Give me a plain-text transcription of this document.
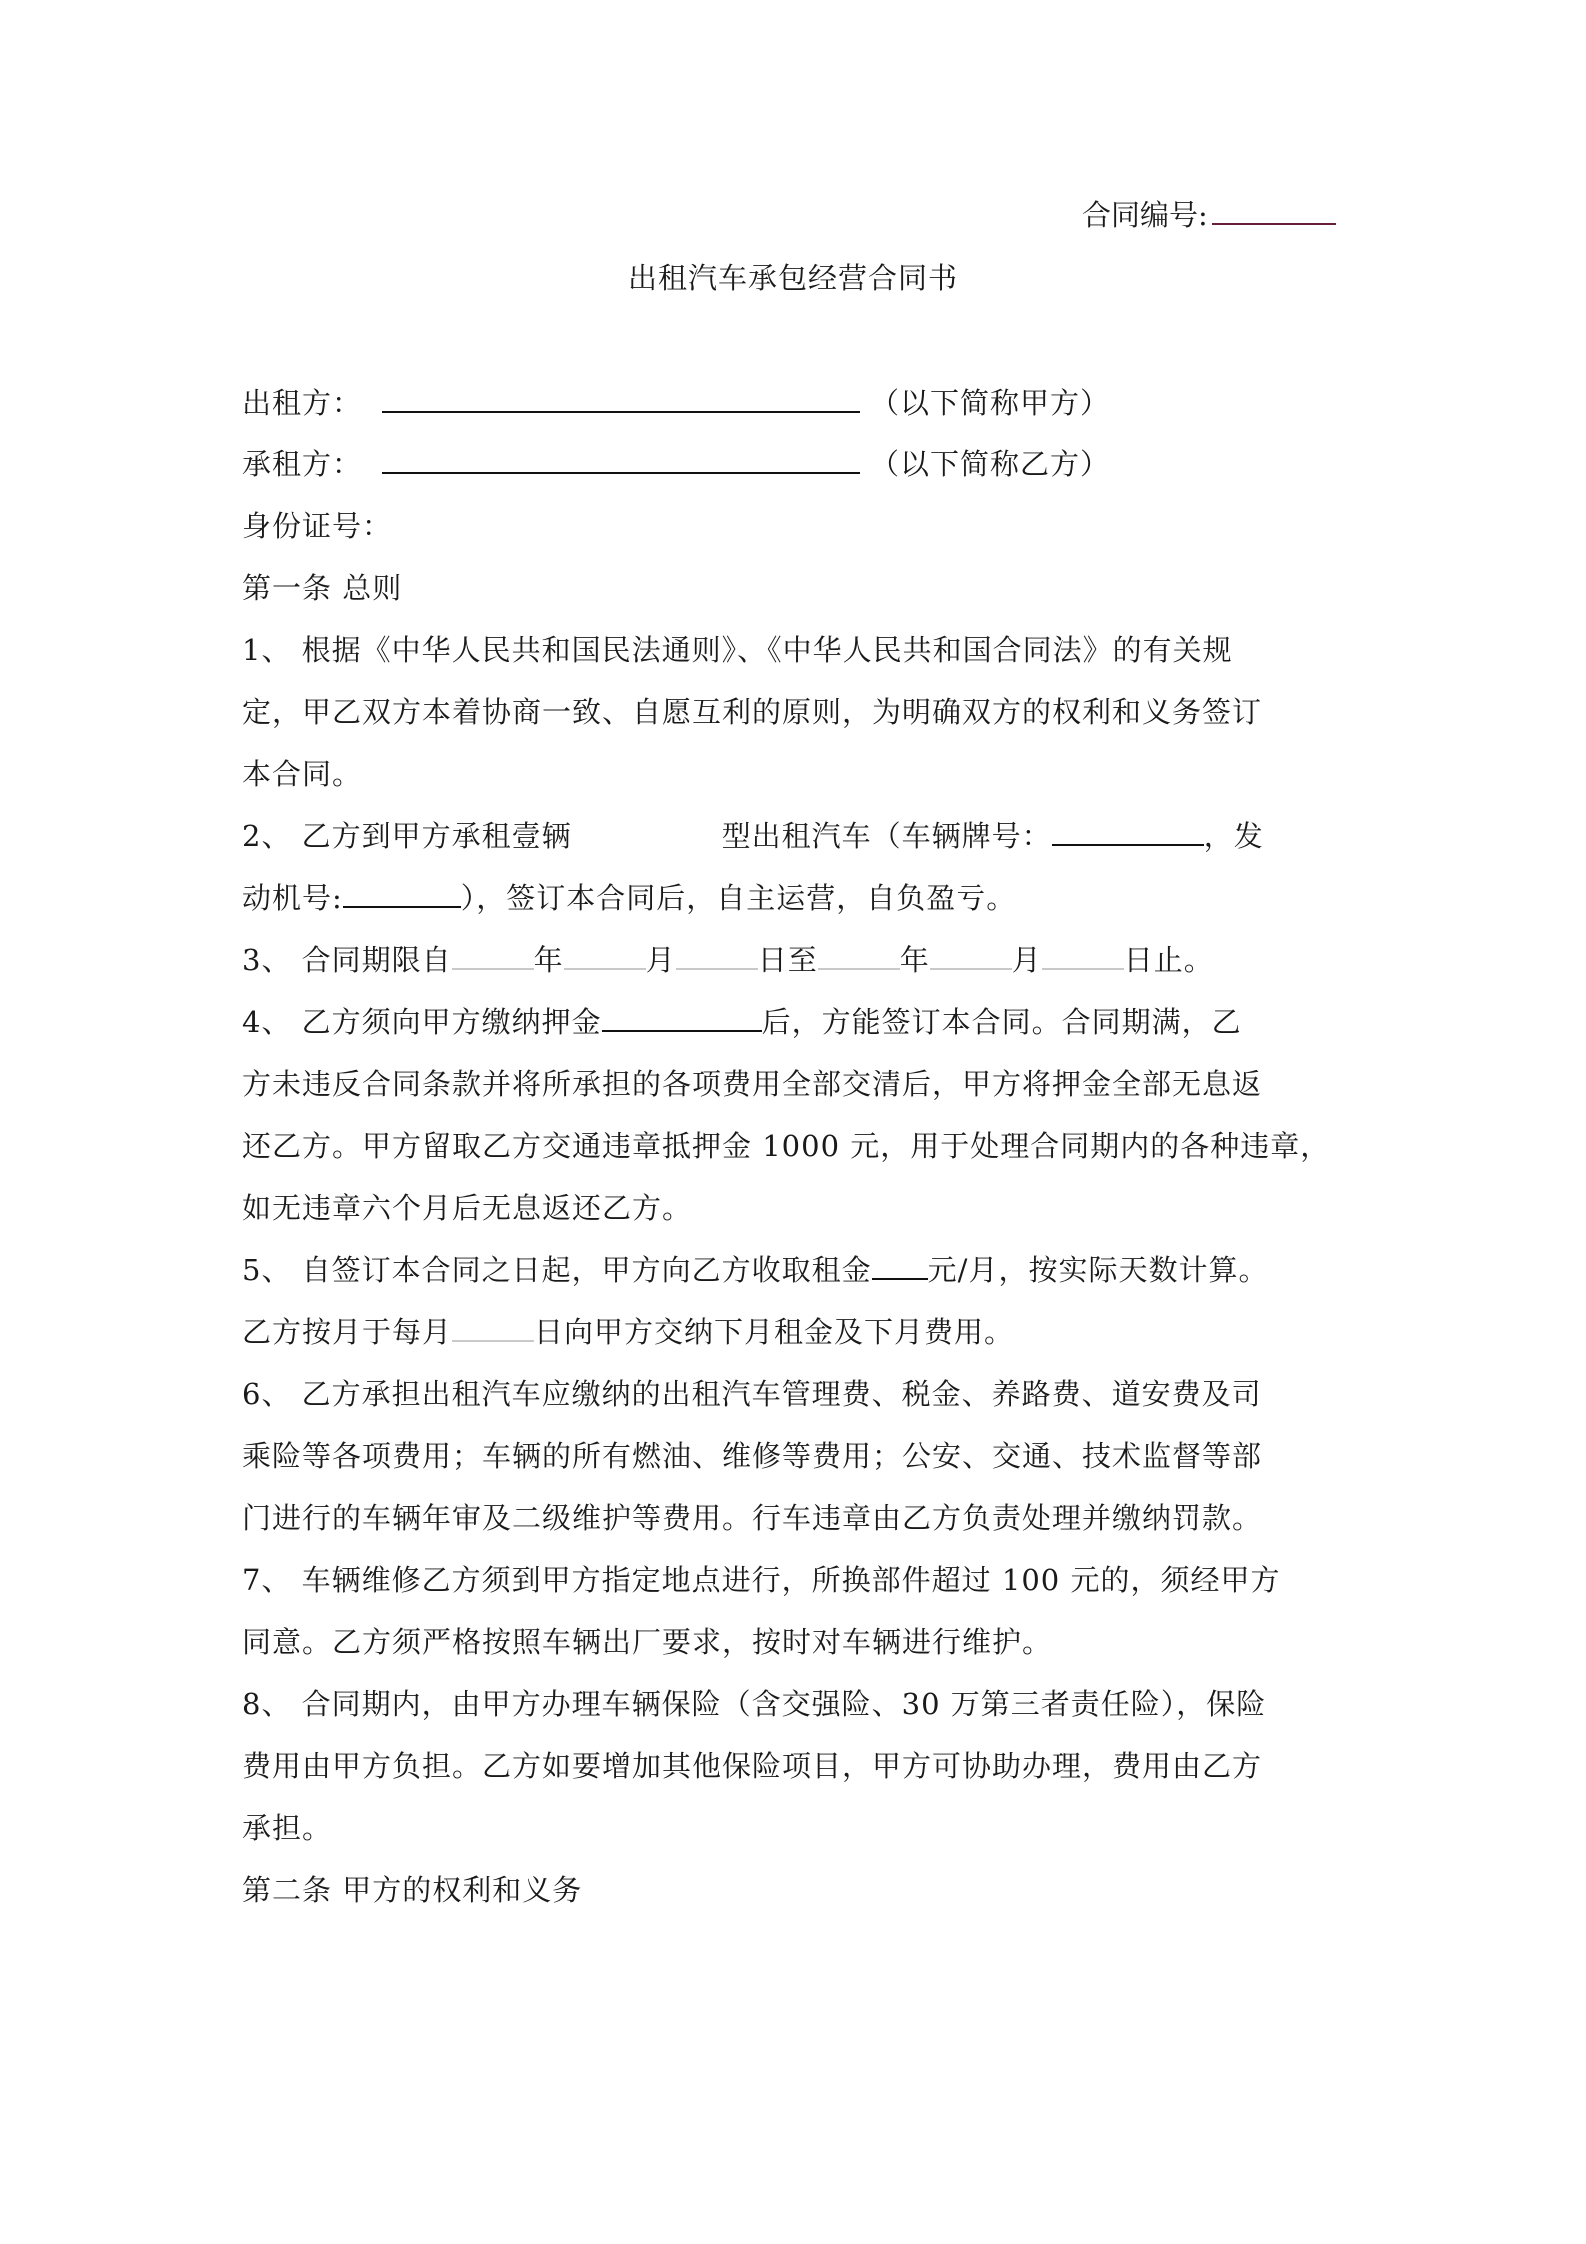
合同编号:
出租汽车承包经营合同书
出租方：	（以下简称甲方）
承租方：	（以下简称乙方）
身份证号：
第一条 总则
1、 根据《中华人民共和国民法通则》、《中华人民共和国合同法》的有关规
定，甲乙双方本着协商一致、自愿互利的原则，为明确双方的权利和义务签订
本合同。
2、 乙方到甲方承租壹辆	型出租汽车（车辆牌号：	，发
动机号:	），签订本合同后，自主运营，自负盈亏。
3、 合同期限自	年	月	日至	年	月	日止。
4、 乙方须向甲方缴纳押金	后，方能签订本合同。合同期满，乙
方未违反合同条款并将所承担的各项费用全部交清后，甲方将押金全部无息返
还乙方。甲方留取乙方交通违章抵押金 1000 元，用于处理合同期内的各种违章，
如无违章六个月后无息返还乙方。
5、 自签订本合同之日起，甲方向乙方收取租金 元/月，按实际天数计算。
乙方按月于每月	日向甲方交纳下月租金及下月费用。
6、 乙方承担出租汽车应缴纳的出租汽车管理费、税金、养路费、道安费及司
乘险等各项费用；车辆的所有燃油、维修等费用；公安、交通、技术监督等部
门进行的车辆年审及二级维护等费用。行车违章由乙方负责处理并缴纳罚款。
7、 车辆维修乙方须到甲方指定地点进行，所换部件超过 100 元的，须经甲方
同意。乙方须严格按照车辆出厂要求，按时对车辆进行维护。
8、 合同期内，由甲方办理车辆保险（含交强险、30 万第三者责任险），保险
费用由甲方负担。乙方如要增加其他保险项目，甲方可协助办理，费用由乙方
承担。
第二条 甲方的权利和义务
